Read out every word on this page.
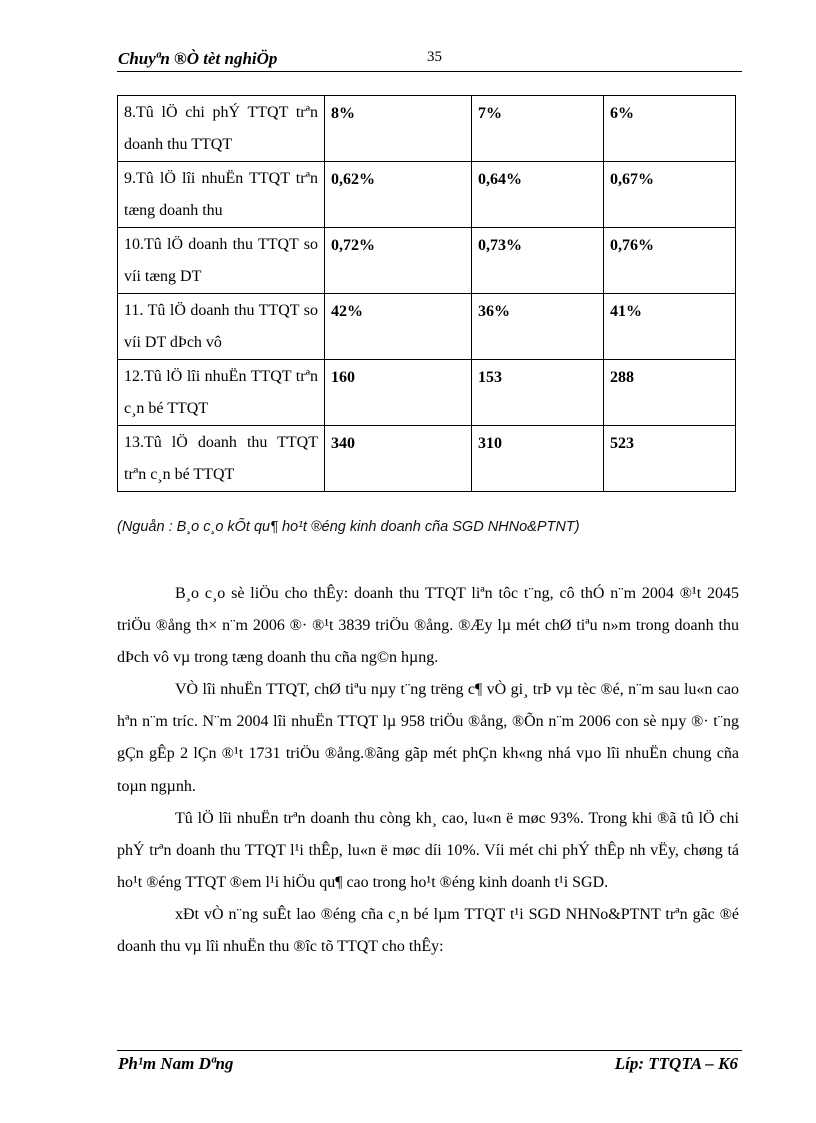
Chuyªn ®Ò tèt nghiÖp	35
8.Tû lÖ chi phÝ TTQT trªn doanh thu TTQT	8%	7%	6%
9.Tû lÖ lîi nhuËn TTQT trªn tæng doanh thu	0,62%	0,64%	0,67%
10.Tû lÖ doanh thu TTQT so víi tæng DT	0,72%	0,73%	0,76%
11. Tû lÖ doanh thu TTQT so víi DT dÞch vô	42%	36%	41%
12.Tû lÖ lîi nhuËn TTQT trªn c¸n bé TTQT	160	153	288
13.Tû lÖ doanh thu TTQT trªn c¸n bé TTQT	340	310	523
(Nguån : B¸o c¸o kÕt qu¶ ho¹t ®éng kinh doanh cña SGD NHNo&PTNT)

B¸o c¸o sè liÖu cho thÊy: doanh thu TTQT liªn tôc t¨ng, cô thÓ n¨m 2004 ®¹t 2045 triÖu ®ång th× n¨m 2006 ®· ®¹t 3839 triÖu ®ång. ®Æy lµ mét chØ tiªu n»m trong doanh thu dÞch vô vµ trong tæng doanh thu cña ng©n hµng.

VÒ lîi nhuËn TTQT, chØ tiªu nµy t¨ng trëng c¶ vÒ gi¸ trÞ vµ tèc ®é, n¨m sau lu«n cao hªn n¨m tríc. N¨m 2004 lîi nhuËn TTQT lµ 958 triÖu ®ång, ®Õn n¨m 2006 con sè nµy ®· t¨ng gÇn gÊp 2 lÇn ®¹t 1731 triÖu ®ång.®ãng gãp mét phÇn kh«ng nhá vµo lîi nhuËn chung cña toµn ngµnh.

Tû lÖ lîi nhuËn trªn doanh thu còng kh¸ cao, lu«n ë møc 93%. Trong khi ®ã tû lÖ chi phÝ trªn doanh thu TTQT l¹i thÊp, lu«n ë møc díi 10%. Víi mét chi phÝ thÊp nh vËy, chøng tá ho¹t ®éng TTQT ®em l¹i hiÖu qu¶ cao trong ho¹t ®éng kinh doanh t¹i SGD.

xÐt vÒ n¨ng suÊt lao ®éng cña c¸n bé lµm TTQT t¹i SGD NHNo&PTNT trªn gãc ®é doanh thu vµ lîi nhuËn thu ®îc tõ TTQT cho thÊy:

Ph¹m Nam Dªng	Líp: TTQTA – K6
